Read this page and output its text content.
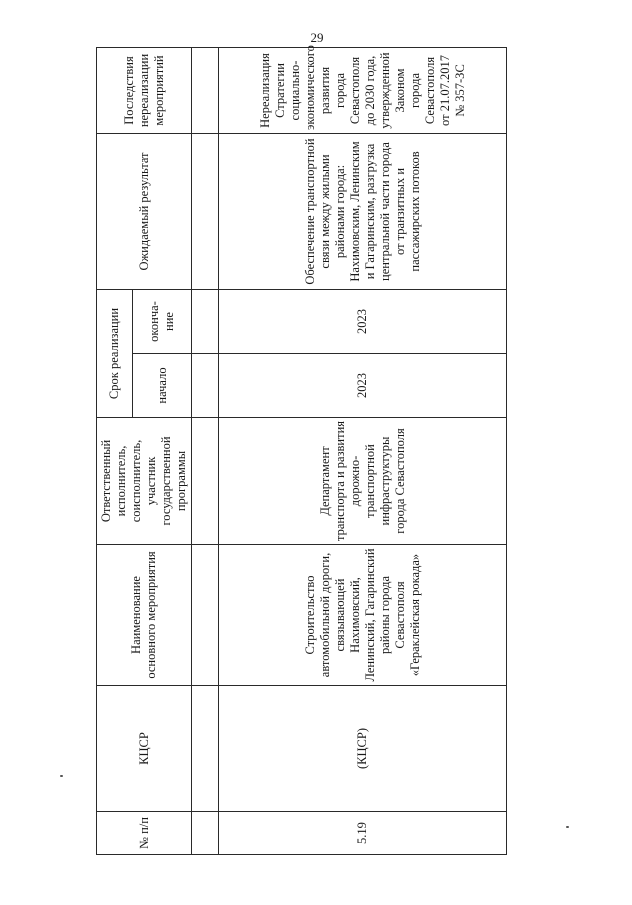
29
№ п/п	КЦСР	Наименование основного мероприятия	Ответственный исполнитель, соисполнитель, участник государственной программы	Срок реализации		Ожидаемый результат	Последствия нереализации мероприятий
				начало	оконча-ние		

5.19	(КЦСР)	Строительство автомобильной дороги, связывающей Нахимовский, Ленинский, Гагаринский районы города Севастополя «Гераклейская рокада»	Департамент транспорта и развития дорожно-транспортной инфраструктуры города Севастополя	2023	2023	Обеспечение транспортной связи между жилыми районами города: Нахимовским, Ленинским и Гагаринским, разгрузка центральной части города от транзитных и пассажирских потоков	Нереализация Стратегии социально-экономического развития города Севастополя до 2030 года, утвержденной Законом города Севастополя от 21.07.2017 № 357-ЗС
